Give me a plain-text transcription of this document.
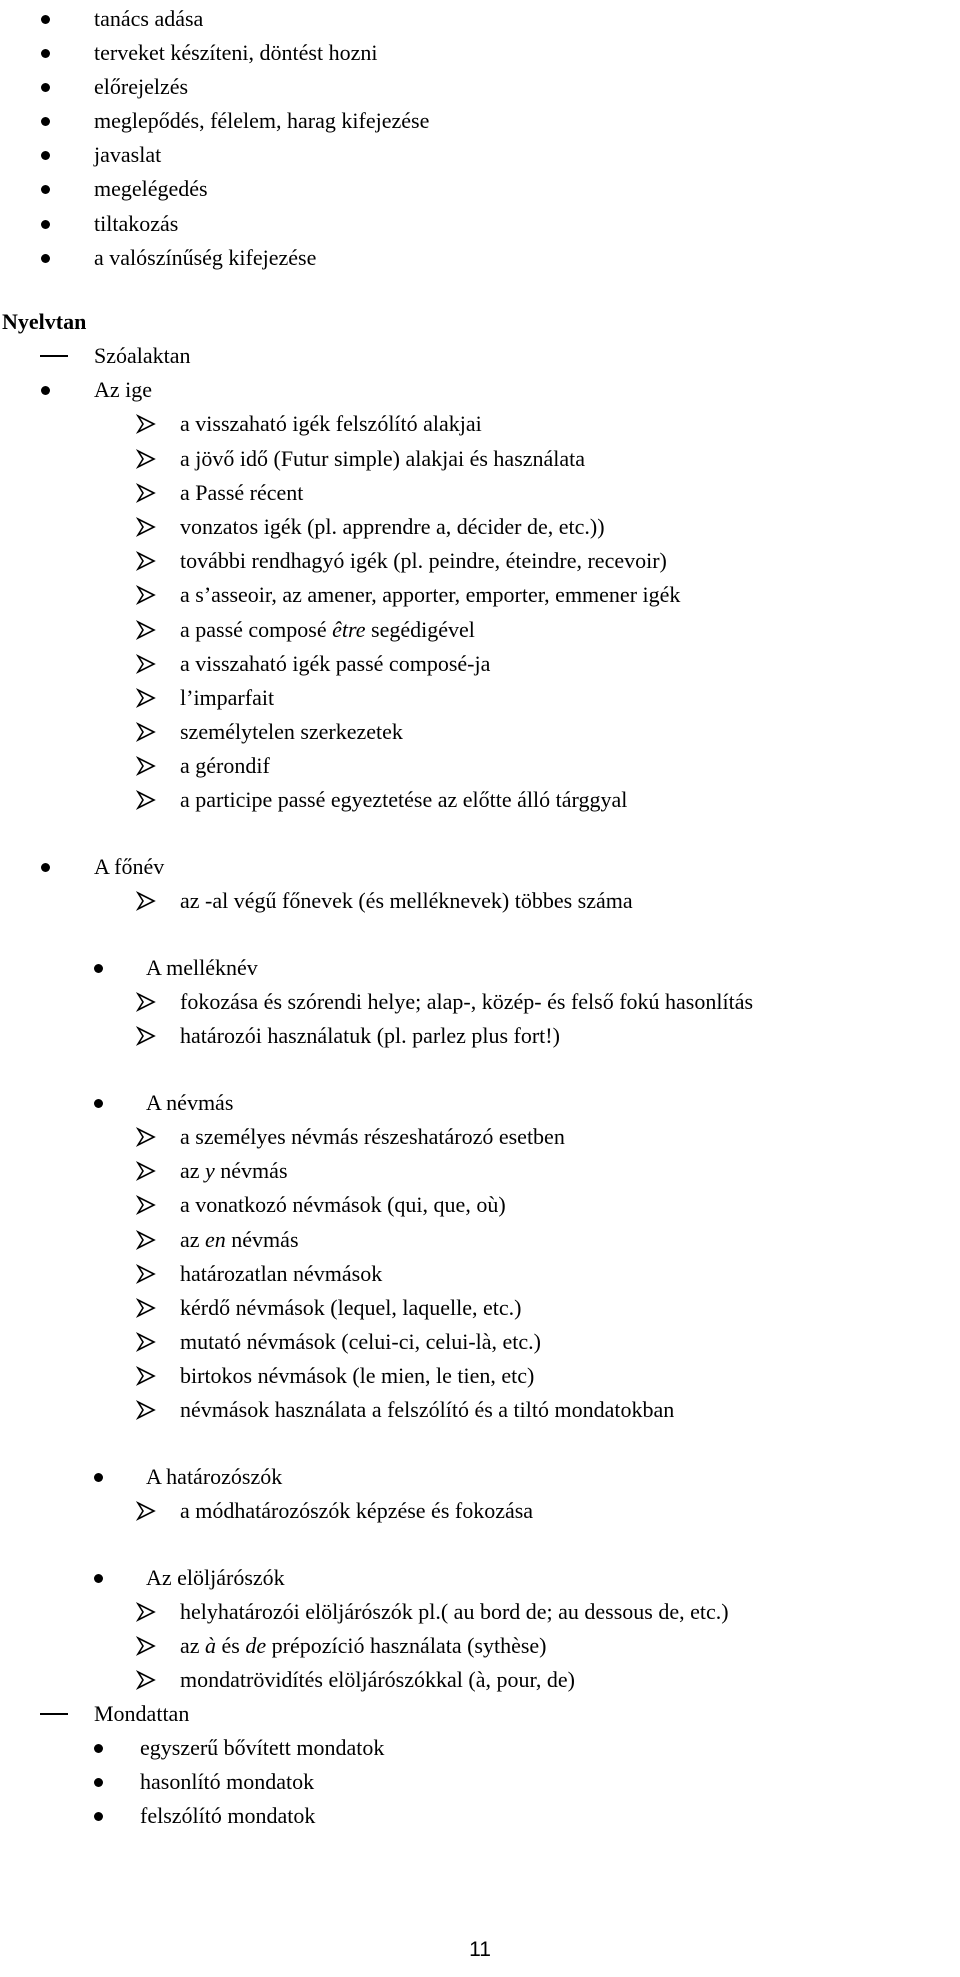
tanács adása
terveket készíteni, döntést hozni
előrejelzés
meglepődés, félelem, harag kifejezése
javaslat
megelégedés
tiltakozás
a valószínűség kifejezése
Nyelvtan
Szóalaktan
Az ige
a visszaható igék felszólító alakjai
a jövő idő (Futur simple) alakjai és használata
a Passé récent
vonzatos igék (pl. apprendre a, décider de, etc.))
további rendhagyó igék (pl. peindre, éteindre, recevoir)
a s’asseoir, az amener, apporter, emporter, emmener igék
a passé composé être segédigével
a visszaható igék passé composé-ja
l’imparfait
személytelen szerkezetek
a gérondif
a participe passé egyeztetése az előtte álló tárggyal
A főnév
az -al végű főnevek (és melléknevek) többes száma
A melléknév
fokozása és szórendi helye; alap-, közép- és felső fokú hasonlítás
határozói használatuk (pl. parlez plus fort!)
A névmás
a személyes névmás részeshatározó esetben
az y névmás
a vonatkozó névmások (qui, que, où)
az en névmás
határozatlan névmások
kérdő névmások (lequel, laquelle, etc.)
mutató névmások (celui-ci, celui-là, etc.)
birtokos névmások (le mien, le tien, etc)
névmások használata a felszólító és a tiltó mondatokban
A határozószók
a módhatározószók képzése és fokozása
Az elöljárószók
helyhatározói elöljárószók pl.( au bord de; au dessous de, etc.)
az à és de prépozíció használata (sythèse)
mondatrövidítés elöljárószókkal (à, pour, de)
Mondattan
egyszerű bővített mondatok
hasonlító mondatok
felszólító mondatok
11
